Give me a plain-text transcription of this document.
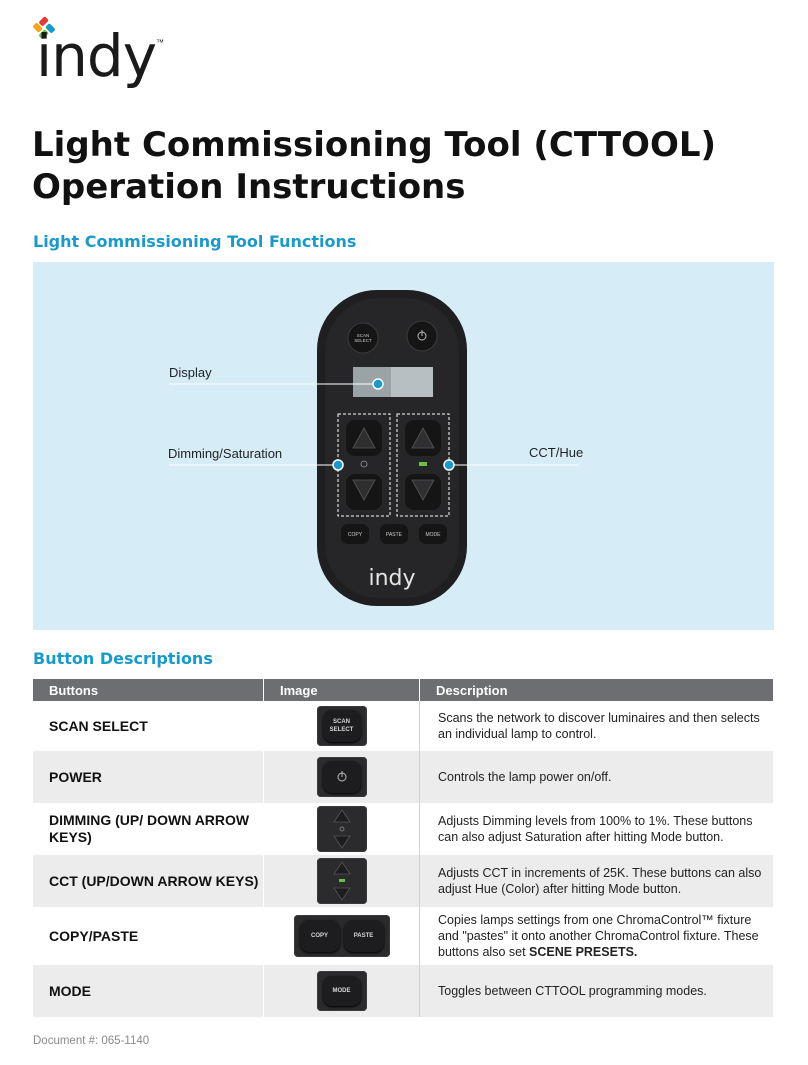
indy ™
Light Commissioning Tool (CTTOOL)
Operation Instructions
Light Commissioning Tool Functions
SCAN
SELECT
COPY	PASTE	MODE
indy
Display
Dimming/Saturation	CCT/Hue
Button Descriptions
Buttons	Image	Description
SCAN SELECT	SCAN SELECT	Scans the network to discover luminaires and then selects an individual lamp to control.
POWER		Controls the lamp power on/off.
DIMMING (UP/ DOWN ARROW KEYS)		Adjusts Dimming levels from 100% to 1%. These buttons can also adjust Saturation after hitting Mode button.
CCT (UP/DOWN ARROW KEYS)		Adjusts CCT in increments of 25K. These buttons can also adjust Hue (Color) after hitting Mode button.
COPY/PASTE	COPY PASTE	Copies lamps settings from one ChromaControl™ fixture and "pastes" it onto another ChromaControl fixture. These buttons also set SCENE PRESETS.
MODE	MODE	Toggles between CTTOOL programming modes.
Document #: 065-1140
